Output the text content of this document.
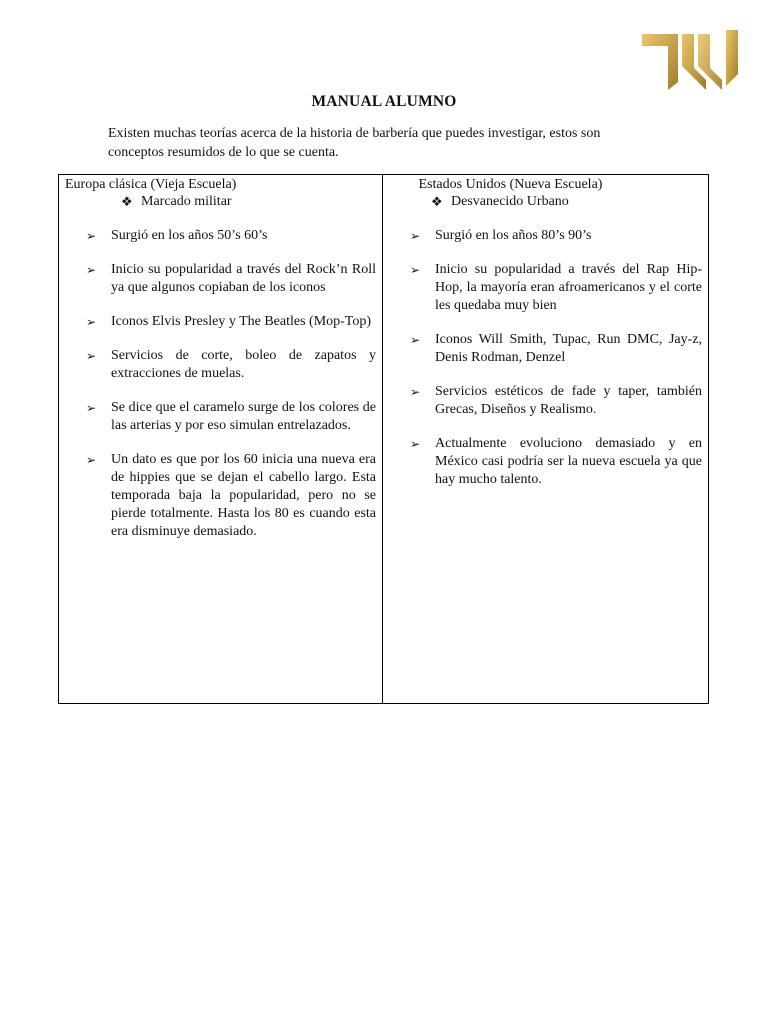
MANUAL ALUMNO

Existen muchas teorías acerca de la historia de barbería que puedes investigar, estos son

conceptos resumidos de lo que se cuenta.

Europa clásica (Vieja Escuela)
❖ Marcado militar
➢ Surgió en los años 50’s 60’s
➢ Inicio su popularidad a través del Rock’n Roll ya que algunos copiaban de los iconos
➢ Iconos Elvis Presley y The Beatles (Mop-Top)
➢ Servicios de corte, boleo de zapatos y extracciones de muelas.
➢ Se dice que el caramelo surge de los colores de las arterias y por eso simulan entrelazados.
➢ Un dato es que por los 60 inicia una nueva era de hippies que se dejan el cabello largo. Esta temporada baja la popularidad, pero no se pierde totalmente. Hasta los 80 es cuando esta era disminuye demasiado.
Estados Unidos (Nueva Escuela)
❖ Desvanecido Urbano
➢ Surgió en los años 80’s 90’s
➢ Inicio su popularidad a través del Rap Hip-Hop, la mayoría eran afroamericanos y el corte les quedaba muy bien
➢ Iconos Will Smith, Tupac, Run DMC, Jay-z, Denis Rodman, Denzel
➢ Servicios estéticos de fade y taper, también Grecas, Diseños y Realismo.
➢ Actualmente evoluciono demasiado y en México casi podría ser la nueva escuela ya que hay mucho talento.
